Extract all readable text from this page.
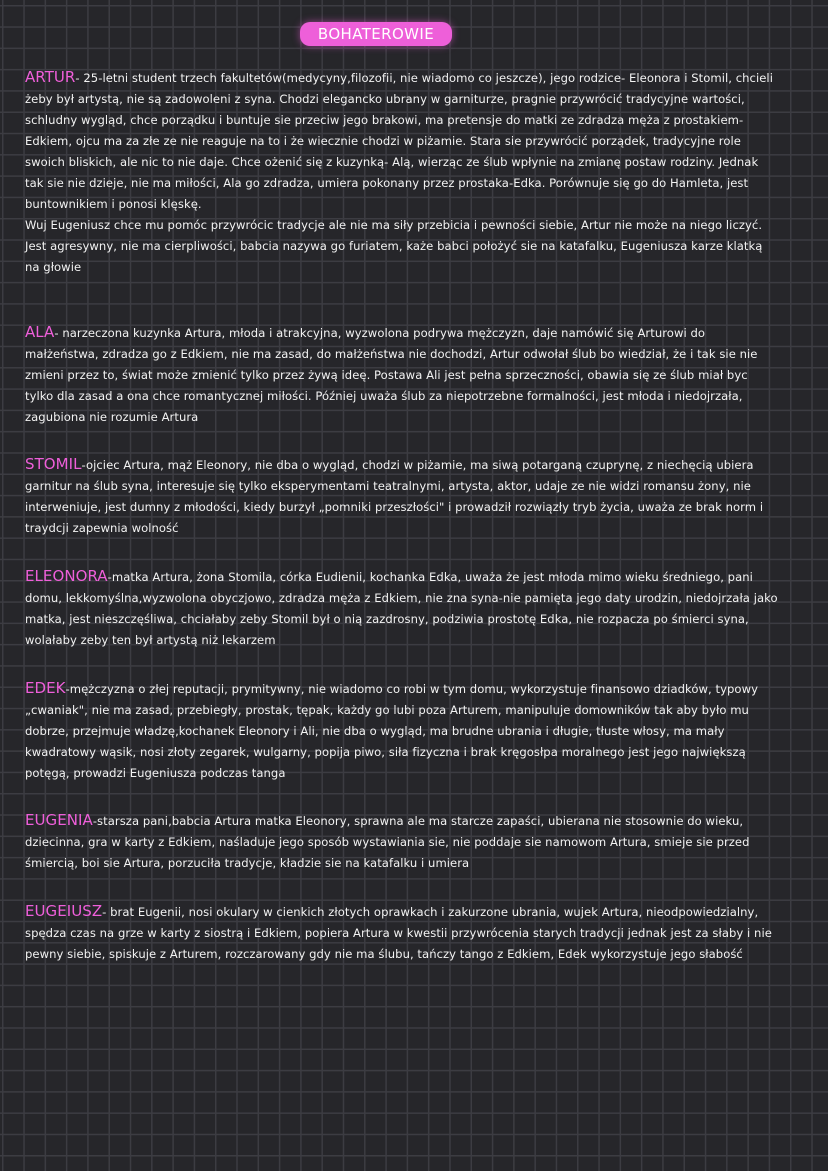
BOHATEROWIE

ARTUR- 25-letni student trzech fakultetów(medycyny,filozofii, nie wiadomo co jeszcze), jego rodzice- Eleonora i Stomil, chcieli żeby był artystą, nie są zadowoleni z syna. Chodzi elegancko ubrany w garniturze, pragnie przywrócić tradycyjne wartości, schludny wygląd, chce porządku i buntuje sie przeciw jego brakowi, ma pretensje do matki ze zdradza męża z prostakiem-Edkiem, ojcu ma za złe ze nie reaguje na to i że wiecznie chodzi w piżamie. Stara sie przywrócić porządek, tradycyjne role swoich bliskich, ale nic to nie daje. Chce ożenić się z kuzynką- Alą, wierząc ze ślub wpłynie na zmianę postaw rodziny. Jednak tak sie nie dzieje, nie ma miłości, Ala go zdradza, umiera pokonany przez prostaka-Edka. Porównuje się go do Hamleta, jest buntownikiem i ponosi klęskę.

Wuj Eugeniusz chce mu pomóc przywrócic tradycje ale nie ma siły przebicia i pewności siebie, Artur nie może na niego liczyć. Jest agresywny, nie ma cierpliwości, babcia nazywa go furiatem, każe babci położyć sie na katafalku, Eugeniusza karze klatką na głowie

ALA- narzeczona kuzynka Artura, młoda i atrakcyjna, wyzwolona podrywa mężczyzn, daje namówić się Arturowi do małżeństwa, zdradza go z Edkiem, nie ma zasad, do małżeństwa nie dochodzi, Artur odwołał ślub bo wiedział, że i tak sie nie zmieni przez to, świat może zmienić tylko przez żywą ideę. Postawa Ali jest pełna sprzeczności, obawia się ze ślub miał byc tylko dla zasad a ona chce romantycznej miłości. Później uważa ślub za niepotrzebne formalności, jest młoda i niedojrzała, zagubiona nie rozumie Artura

STOMIL-ojciec Artura, mąż Eleonory, nie dba o wygląd, chodzi w piżamie, ma siwą potarganą czuprynę, z niechęcią ubiera garnitur na ślub syna, interesuje się tylko eksperymentami teatralnymi, artysta, aktor, udaje ze nie widzi romansu żony, nie interweniuje, jest dumny z młodości, kiedy burzył „pomniki przeszłości" i prowadził rozwiązły tryb życia, uważa ze brak norm i traydcji zapewnia wolność

ELEONORA-matka Artura, żona Stomila, córka Eudienii, kochanka Edka, uważa że jest młoda mimo wieku średniego, pani domu, lekkomyślna,wyzwolona obyczjowo, zdradza męża z Edkiem, nie zna syna-nie pamięta jego daty urodzin, niedojrzała jako matka, jest nieszczęśliwa, chciałaby zeby Stomil był o nią zazdrosny, podziwia prostotę Edka, nie rozpacza po śmierci syna, wolałaby zeby ten był artystą niż lekarzem

EDEK-mężczyzna o złej reputacji, prymitywny, nie wiadomo co robi w tym domu, wykorzystuje finansowo dziadków, typowy „cwaniak", nie ma zasad, przebiegły, prostak, tępak, każdy go lubi poza Arturem, manipuluje domowników tak aby było mu dobrze, przejmuje władzę,kochanek Eleonory i Ali, nie dba o wygląd, ma brudne ubrania i długie, tłuste włosy, ma mały kwadratowy wąsik, nosi złoty zegarek, wulgarny, popija piwo, siła fizyczna i brak kręgosłpa moralnego jest jego największą potęgą, prowadzi Eugeniusza podczas tanga

EUGENIA-starsza pani,babcia Artura matka Eleonory, sprawna ale ma starcze zapaści, ubierana nie stosownie do wieku, dziecinna, gra w karty z Edkiem, naśladuje jego sposób wystawiania sie, nie poddaje sie namowom Artura, smieje sie przed śmiercią, boi sie Artura, porzuciła tradycje, kładzie sie na katafalku i umiera

EUGEIUSZ- brat Eugenii, nosi okulary w cienkich złotych oprawkach i zakurzone ubrania, wujek Artura, nieodpowiedzialny, spędza czas na grze w karty z siostrą i Edkiem, popiera Artura w kwestii przywrócenia starych tradycji jednak jest za słaby i nie pewny siebie, spiskuje z Arturem, rozczarowany gdy nie ma ślubu, tańczy tango z Edkiem, Edek wykorzystuje jego słabość
